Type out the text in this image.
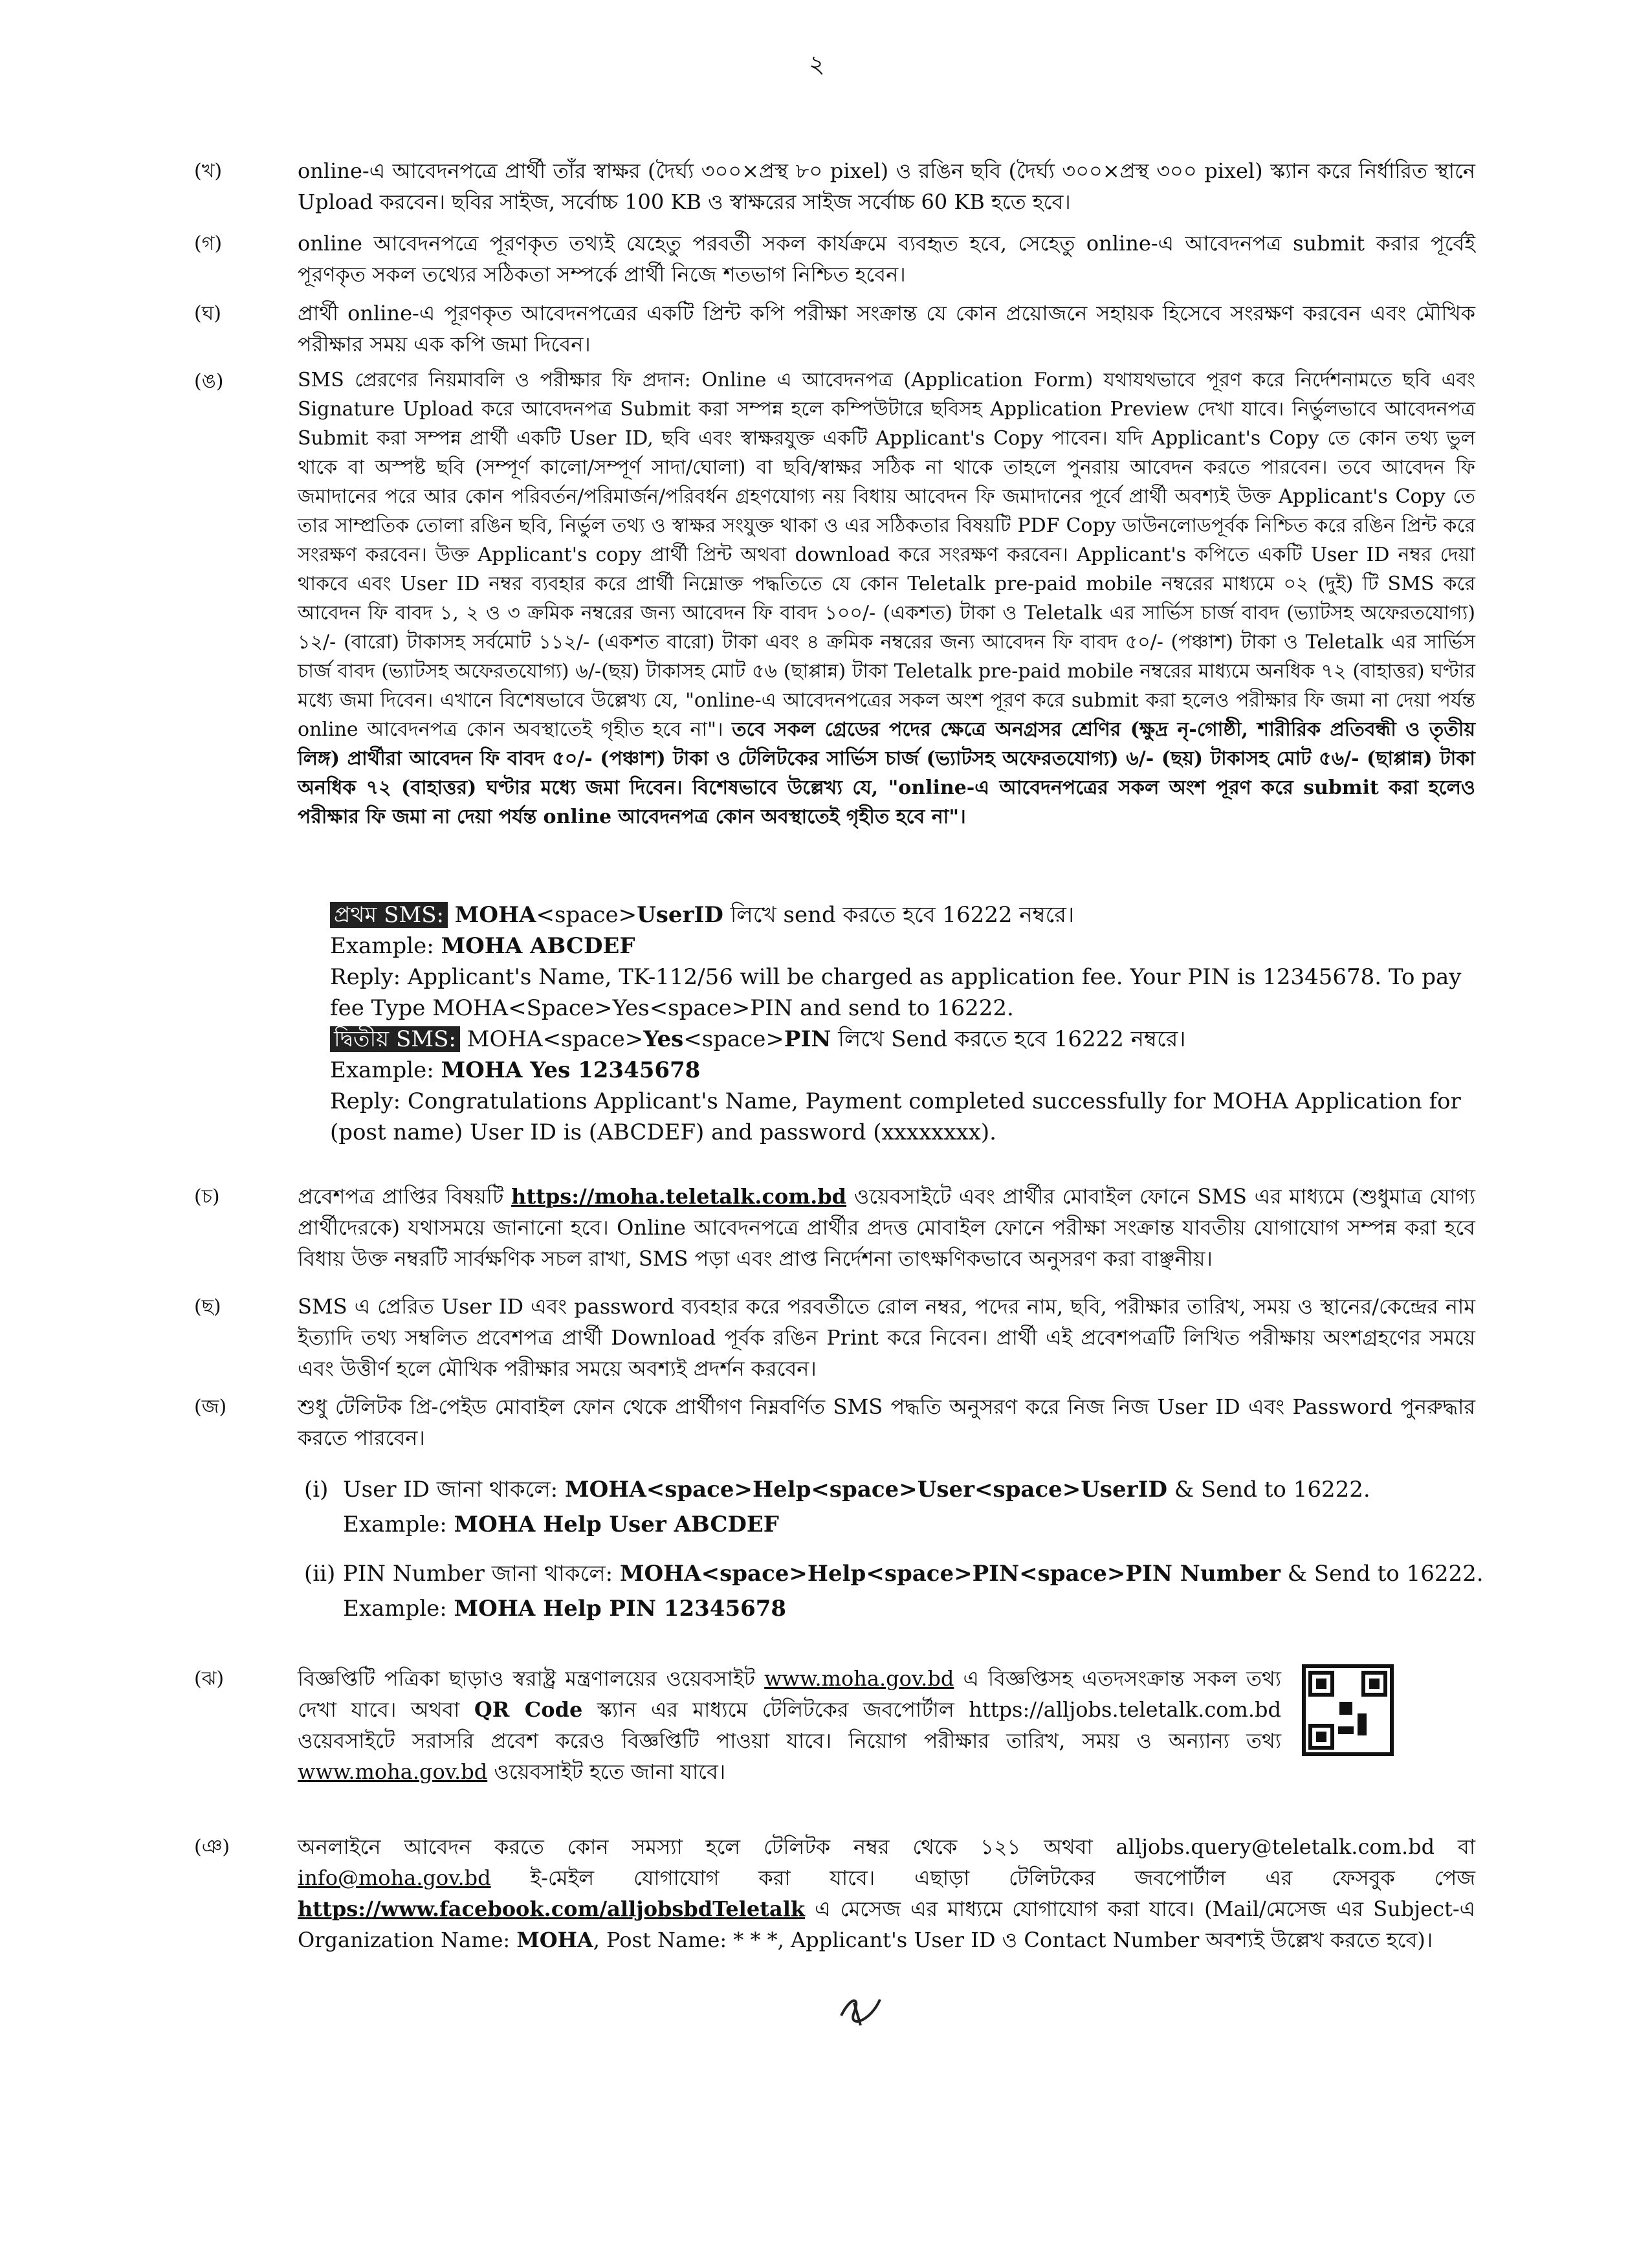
২
(খ)	online-এ আবেদনপত্রে প্রার্থী তাঁর স্বাক্ষর (দৈর্ঘ্য ৩০০×প্রস্থ ৮০ pixel) ও রঙিন ছবি (দৈর্ঘ্য ৩০০×প্রস্থ ৩০০ pixel) স্ক্যান করে নির্ধারিত স্থানে Upload করবেন। ছবির সাইজ, সর্বোচ্চ 100 KB ও স্বাক্ষরের সাইজ সর্বোচ্চ 60 KB হতে হবে।

(গ)	online আবেদনপত্রে পূরণকৃত তথ্যই যেহেতু পরবর্তী সকল কার্যক্রমে ব্যবহৃত হবে, সেহেতু online-এ আবেদনপত্র submit করার পূর্বেই পূরণকৃত সকল তথ্যের সঠিকতা সম্পর্কে প্রার্থী নিজে শতভাগ নিশ্চিত হবেন।

(ঘ)	প্রার্থী online-এ পূরণকৃত আবেদনপত্রের একটি প্রিন্ট কপি পরীক্ষা সংক্রান্ত যে কোন প্রয়োজনে সহায়ক হিসেবে সংরক্ষণ করবেন এবং মৌখিক পরীক্ষার সময় এক কপি জমা দিবেন।

(ঙ)	SMS প্রেরণের নিয়মাবলি ও পরীক্ষার ফি প্রদান: Online এ আবেদনপত্র (Application Form) যথাযথভাবে পূরণ করে নির্দেশনামতে ছবি এবং Signature Upload করে আবেদনপত্র Submit করা সম্পন্ন হলে কম্পিউটারে ছবিসহ Application Preview দেখা যাবে। নির্ভুলভাবে আবেদনপত্র Submit করা সম্পন্ন প্রার্থী একটি User ID, ছবি এবং স্বাক্ষরযুক্ত একটি Applicant's Copy পাবেন। যদি Applicant's Copy তে কোন তথ্য ভুল থাকে বা অস্পষ্ট ছবি (সম্পূর্ণ কালো/সম্পূর্ণ সাদা/ঘোলা) বা ছবি/স্বাক্ষর সঠিক না থাকে তাহলে পুনরায় আবেদন করতে পারবেন। তবে আবেদন ফি জমাদানের পরে আর কোন পরিবর্তন/পরিমার্জন/পরিবর্ধন গ্রহণযোগ্য নয় বিধায় আবেদন ফি জমাদানের পূর্বে প্রার্থী অবশ্যই উক্ত Applicant's Copy তে তার সাম্প্রতিক তোলা রঙিন ছবি, নির্ভুল তথ্য ও স্বাক্ষর সংযুক্ত থাকা ও এর সঠিকতার বিষয়টি PDF Copy ডাউনলোডপূর্বক নিশ্চিত করে রঙিন প্রিন্ট করে সংরক্ষণ করবেন। উক্ত Applicant's copy প্রার্থী প্রিন্ট অথবা download করে সংরক্ষণ করবেন। Applicant's কপিতে একটি User ID নম্বর দেয়া থাকবে এবং User ID নম্বর ব্যবহার করে প্রার্থী নিম্নোক্ত পদ্ধতিতে যে কোন Teletalk pre-paid mobile নম্বরের মাধ্যমে ০২ (দুই) টি SMS করে আবেদন ফি বাবদ ১, ২ ও ৩ ক্রমিক নম্বরের জন্য আবেদন ফি বাবদ ১০০/- (একশত) টাকা ও Teletalk এর সার্ভিস চার্জ বাবদ (ভ্যাটসহ অফেরতযোগ্য) ১২/- (বারো) টাকাসহ সর্বমোট ১১২/- (একশত বারো) টাকা এবং ৪ ক্রমিক নম্বরের জন্য আবেদন ফি বাবদ ৫০/- (পঞ্চাশ) টাকা ও Teletalk এর সার্ভিস চার্জ বাবদ (ভ্যাটসহ অফেরতযোগ্য) ৬/-(ছয়) টাকাসহ মোট ৫৬ (ছাপ্পান্ন) টাকা Teletalk pre-paid mobile নম্বরের মাধ্যমে অনধিক ৭২ (বাহাত্তর) ঘণ্টার মধ্যে জমা দিবেন। এখানে বিশেষভাবে উল্লেখ্য যে, "online-এ আবেদনপত্রের সকল অংশ পূরণ করে submit করা হলেও পরীক্ষার ফি জমা না দেয়া পর্যন্ত online আবেদনপত্র কোন অবস্থাতেই গৃহীত হবে না"। তবে সকল গ্রেডের পদের ক্ষেত্রে অনগ্রসর শ্রেণির (ক্ষুদ্র নৃ-গোষ্ঠী, শারীরিক প্রতিবন্ধী ও তৃতীয় লিঙ্গ) প্রার্থীরা আবেদন ফি বাবদ ৫০/- (পঞ্চাশ) টাকা ও টেলিটকের সার্ভিস চার্জ (ভ্যাটসহ অফেরতযোগ্য) ৬/- (ছয়) টাকাসহ মোট ৫৬/- (ছাপ্পান্ন) টাকা অনধিক ৭২ (বাহাত্তর) ঘণ্টার মধ্যে জমা দিবেন। বিশেষভাবে উল্লেখ্য যে, "online-এ আবেদনপত্রের সকল অংশ পূরণ করে submit করা হলেও পরীক্ষার ফি জমা না দেয়া পর্যন্ত online আবেদনপত্র কোন অবস্থাতেই গৃহীত হবে না"।

প্রথম SMS: MOHA<space>UserID লিখে send করতে হবে 16222 নম্বরে।

Example: MOHA ABCDEF

Reply: Applicant's Name, TK-112/56 will be charged as application fee. Your PIN is 12345678. To pay fee Type MOHA<Space>Yes<space>PIN and send to 16222.

দ্বিতীয় SMS: MOHA<space>Yes<space>PIN লিখে Send করতে হবে 16222 নম্বরে।

Example: MOHA Yes 12345678

Reply: Congratulations Applicant's Name, Payment completed successfully for MOHA Application for (post name) User ID is (ABCDEF) and password (xxxxxxxx).

(চ)	প্রবেশপত্র প্রাপ্তির বিষয়টি https://moha.teletalk.com.bd ওয়েবসাইটে এবং প্রার্থীর মোবাইল ফোনে SMS এর মাধ্যমে (শুধুমাত্র যোগ্য প্রার্থীদেরকে) যথাসময়ে জানানো হবে। Online আবেদনপত্রে প্রার্থীর প্রদত্ত মোবাইল ফোনে পরীক্ষা সংক্রান্ত যাবতীয় যোগাযোগ সম্পন্ন করা হবে বিধায় উক্ত নম্বরটি সার্বক্ষণিক সচল রাখা, SMS পড়া এবং প্রাপ্ত নির্দেশনা তাৎক্ষণিকভাবে অনুসরণ করা বাঞ্ছনীয়।

(ছ)	SMS এ প্রেরিত User ID এবং password ব্যবহার করে পরবর্তীতে রোল নম্বর, পদের নাম, ছবি, পরীক্ষার তারিখ, সময় ও স্থানের/কেন্দ্রের নাম ইত্যাদি তথ্য সম্বলিত প্রবেশপত্র প্রার্থী Download পূর্বক রঙিন Print করে নিবেন। প্রার্থী এই প্রবেশপত্রটি লিখিত পরীক্ষায় অংশগ্রহণের সময়ে এবং উত্তীর্ণ হলে মৌখিক পরীক্ষার সময়ে অবশ্যই প্রদর্শন করবেন।

(জ)	শুধু টেলিটক প্রি-পেইড মোবাইল ফোন থেকে প্রার্থীগণ নিম্নবর্ণিত SMS পদ্ধতি অনুসরণ করে নিজ নিজ User ID এবং Password পুনরুদ্ধার করতে পারবেন।

(i) User ID জানা থাকলে: MOHA<space>Help<space>User<space>UserID & Send to 16222.
Example: MOHA Help User ABCDEF
(ii) PIN Number জানা থাকলে: MOHA<space>Help<space>PIN<space>PIN Number & Send to 16222.
Example: MOHA Help PIN 12345678
(ঝ)	বিজ্ঞপ্তিটি পত্রিকা ছাড়াও স্বরাষ্ট্র মন্ত্রণালয়ের ওয়েবসাইট www.moha.gov.bd এ বিজ্ঞপ্তিসহ এতদসংক্রান্ত সকল তথ্য দেখা যাবে। অথবা QR Code স্ক্যান এর মাধ্যমে টেলিটকের জবপোর্টাল https://alljobs.teletalk.com.bd ওয়েবসাইটে সরাসরি প্রবেশ করেও বিজ্ঞপ্তিটি পাওয়া যাবে। নিয়োগ পরীক্ষার তারিখ, সময় ও অন্যান্য তথ্য www.moha.gov.bd ওয়েবসাইট হতে জানা যাবে।

(ঞ)	অনলাইনে আবেদন করতে কোন সমস্যা হলে টেলিটক নম্বর থেকে ১২১ অথবা alljobs.query@teletalk.com.bd বা info@moha.gov.bd ই-মেইল যোগাযোগ করা যাবে। এছাড়া টেলিটকের জবপোর্টাল এর ফেসবুক পেজ https://www.facebook.com/alljobsbdTeletalk এ মেসেজ এর মাধ্যমে যোগাযোগ করা যাবে। (Mail/মেসেজ এর Subject-এ Organization Name: MOHA, Post Name: * * *, Applicant's User ID ও Contact Number অবশ্যই উল্লেখ করতে হবে)।
